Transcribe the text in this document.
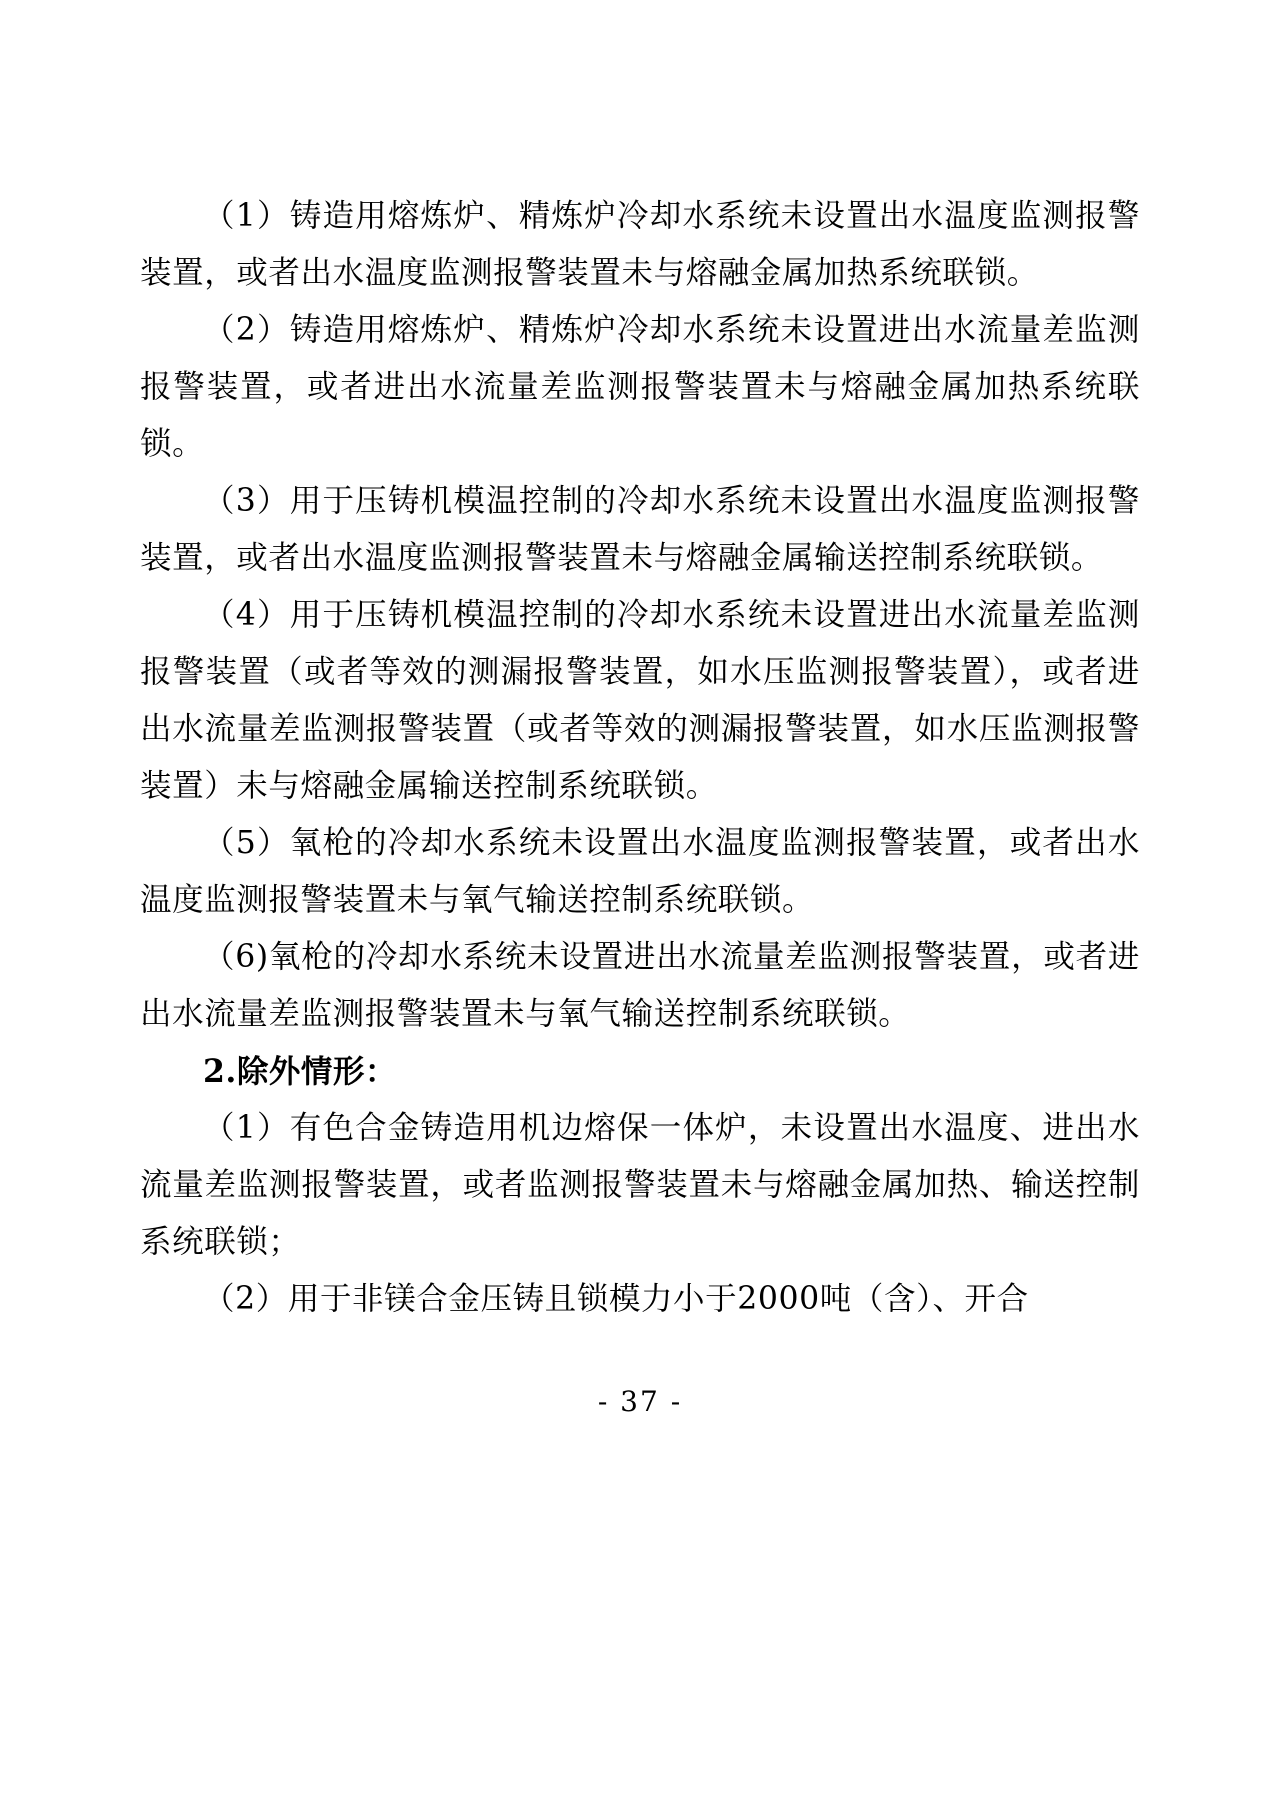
（1）铸造用熔炼炉、精炼炉冷却水系统未设置出水温度监测报警装置，或者出水温度监测报警装置未与熔融金属加热系统联锁。

（2）铸造用熔炼炉、精炼炉冷却水系统未设置进出水流量差监测报警装置，或者进出水流量差监测报警装置未与熔融金属加热系统联锁。

（3）用于压铸机模温控制的冷却水系统未设置出水温度监测报警装置，或者出水温度监测报警装置未与熔融金属输送控制系统联锁。

（4）用于压铸机模温控制的冷却水系统未设置进出水流量差监测报警装置（或者等效的测漏报警装置，如水压监测报警装置），或者进出水流量差监测报警装置（或者等效的测漏报警装置，如水压监测报警装置）未与熔融金属输送控制系统联锁。

（5）氧枪的冷却水系统未设置出水温度监测报警装置，或者出水温度监测报警装置未与氧气输送控制系统联锁。

（6)氧枪的冷却水系统未设置进出水流量差监测报警装置，或者进出水流量差监测报警装置未与氧气输送控制系统联锁。

2.除外情形：

（1）有色合金铸造用机边熔保一体炉，未设置出水温度、进出水流量差监测报警装置，或者监测报警装置未与熔融金属加热、输送控制系统联锁；

（2）用于非镁合金压铸且锁模力小于2000吨（含）、开合

- 37 -
